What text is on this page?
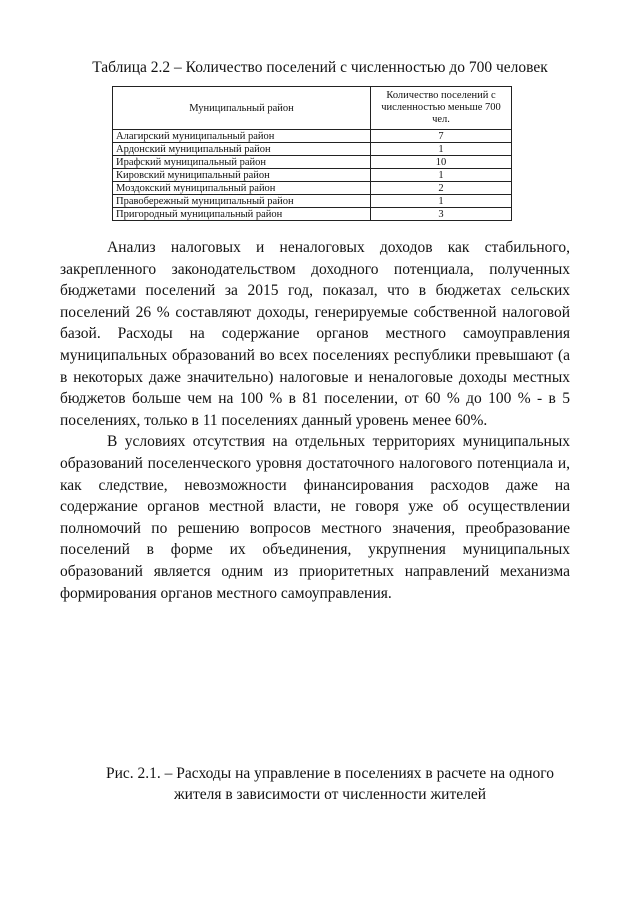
Таблица 2.2 – Количество поселений с численностью до 700 человек
Муниципальный район	Количество поселений с численностью меньше 700 чел.
Алагирский муниципальный район	7
Ардонский муниципальный район	1
Ирафский муниципальный район	10
Кировский муниципальный район	1
Моздокский муниципальный район	2
Правобережный муниципальный район	1
Пригородный муниципальный район	3

Анализ налоговых и неналоговых доходов как стабильного, закрепленного законодательством доходного потенциала, полученных бюджетами поселений за 2015 год, показал, что в бюджетах сельских поселений 26 % составляют доходы, генерируемые собственной налоговой базой. Расходы на содержание органов местного самоуправления муниципальных образований во всех поселениях республики превышают (а в некоторых даже значительно) налоговые и неналоговые доходы местных бюджетов больше чем на 100 % в 81 поселении, от 60 % до 100 % - в 5 поселениях, только в 11 поселениях данный уровень менее 60%.

В условиях отсутствия на отдельных территориях муниципальных образований поселенческого уровня достаточного налогового потенциала и, как следствие, невозможности финансирования расходов даже на содержание органов местной власти, не говоря уже об осуществлении полномочий по решению вопросов местного значения, преобразование поселений в форме их объединения, укрупнения муниципальных образований является одним из приоритетных направлений механизма формирования органов местного самоуправления.

Рис. 2.1. – Расходы на управление в поселениях в расчете на одного жителя в зависимости от численности жителей
